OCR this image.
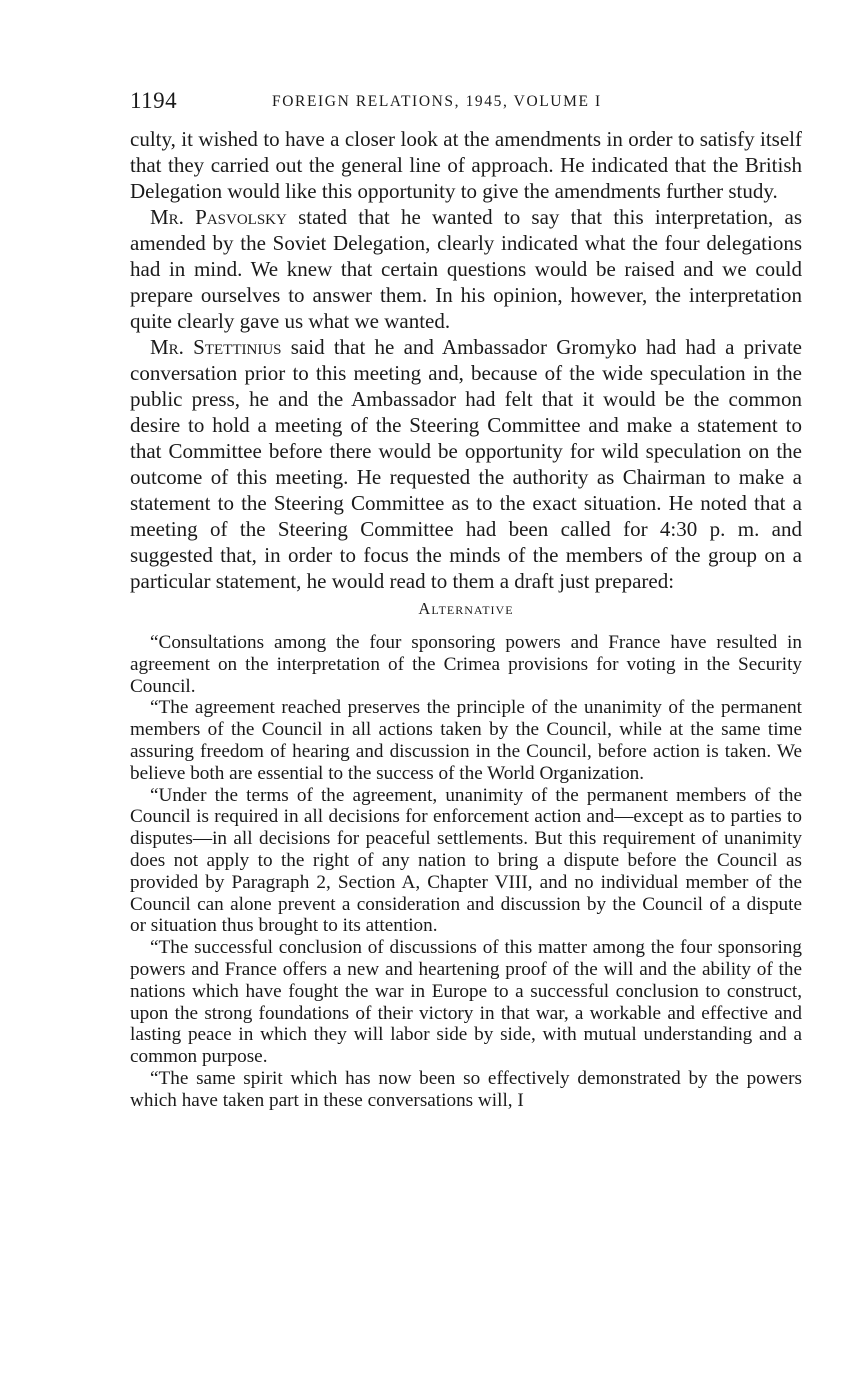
1194	FOREIGN RELATIONS, 1945, VOLUME I

culty, it wished to have a closer look at the amendments in order to satisfy itself that they carried out the general line of approach. He indicated that the British Delegation would like this opportunity to give the amendments further study.

Mr. Pasvolsky stated that he wanted to say that this interpretation, as amended by the Soviet Delegation, clearly indicated what the four delegations had in mind. We knew that certain questions would be raised and we could prepare ourselves to answer them. In his opinion, however, the interpretation quite clearly gave us what we wanted.

Mr. Stettinius said that he and Ambassador Gromyko had had a private conversation prior to this meeting and, because of the wide speculation in the public press, he and the Ambassador had felt that it would be the common desire to hold a meeting of the Steering Committee and make a statement to that Committee before there would be opportunity for wild speculation on the outcome of this meeting. He requested the authority as Chairman to make a statement to the Steering Committee as to the exact situation. He noted that a meeting of the Steering Committee had been called for 4:30 p. m. and suggested that, in order to focus the minds of the members of the group on a particular statement, he would read to them a draft just prepared:

Alternative

“Consultations among the four sponsoring powers and France have resulted in agreement on the interpretation of the Crimea provisions for voting in the Security Council.

“The agreement reached preserves the principle of the unanimity of the permanent members of the Council in all actions taken by the Council, while at the same time assuring freedom of hearing and discussion in the Council, before action is taken. We believe both are essential to the success of the World Organization.

“Under the terms of the agreement, unanimity of the permanent members of the Council is required in all decisions for enforcement action and—except as to parties to disputes—in all decisions for peaceful settlements. But this requirement of unanimity does not apply to the right of any nation to bring a dispute before the Council as provided by Paragraph 2, Section A, Chapter VIII, and no individual member of the Council can alone prevent a consideration and discussion by the Council of a dispute or situation thus brought to its attention.

“The successful conclusion of discussions of this matter among the four sponsoring powers and France offers a new and heartening proof of the will and the ability of the nations which have fought the war in Europe to a successful conclusion to construct, upon the strong foundations of their victory in that war, a workable and effective and lasting peace in which they will labor side by side, with mutual understanding and a common purpose.

“The same spirit which has now been so effectively demonstrated by the powers which have taken part in these conversations will, I
